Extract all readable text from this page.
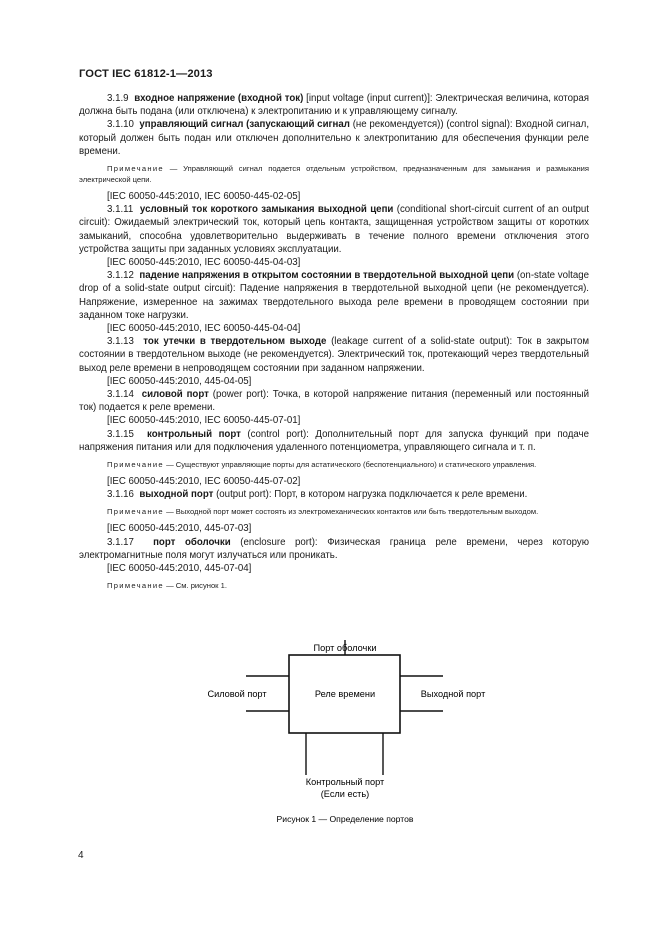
ГОСТ IEC 61812-1—2013

3.1.9 входное напряжение (входной ток) [input voltage (input current)]: Электрическая величина, которая должна быть подана (или отключена) к электропитанию и к управляющему сигналу.

3.1.10 управляющий сигнал (запускающий сигнал (не рекомендуется)) (control signal): Входной сигнал, который должен быть подан или отключен дополнительно к электропитанию для обеспечения функции реле времени.

Примечание — Управляющий сигнал подается отдельным устройством, предназначенным для замыкания и размыкания электрической цепи.

[IEC 60050-445:2010, IEC 60050-445-02-05]

3.1.11 условный ток короткого замыкания выходной цепи (conditional short-circuit current of an output circuit): Ожидаемый электрический ток, который цепь контакта, защищенная устройством защиты от коротких замыканий, способна удовлетворительно выдерживать в течение полного времени отключения этого устройства защиты при заданных условиях эксплуатации.

[IEC 60050-445:2010, IEC 60050-445-04-03]

3.1.12 падение напряжения в открытом состоянии в твердотельной выходной цепи (on-state voltage drop of a solid-state output circuit): Падение напряжения в твердотельной выходной цепи (не рекомендуется). Напряжение, измеренное на зажимах твердотельного выхода реле времени в проводящем состоянии при заданном токе нагрузки.

[IEC 60050-445:2010, IEC 60050-445-04-04]

3.1.13 ток утечки в твердотельном выходе (leakage current of a solid-state output): Ток в закрытом состоянии в твердотельном выходе (не рекомендуется). Электрический ток, протекающий через твердотельный выход реле времени в непроводящем состоянии при заданном напряжении.

[IEC 60050-445:2010, 445-04-05]

3.1.14 силовой порт (power port): Точка, в которой напряжение питания (переменный или постоянный ток) подается к реле времени.

[IEC 60050-445:2010, IEC 60050-445-07-01]

3.1.15 контрольный порт (control port): Дополнительный порт для запуска функций при подаче напряжения питания или для подключения удаленного потенциометра, управляющего сигнала и т. п.

Примечание — Существуют управляющие порты для астатического (беспотенциального) и статического управления.

[IEC 60050-445:2010, IEC 60050-445-07-02]

3.1.16 выходной порт (output port): Порт, в котором нагрузка подключается к реле времени.

Примечание — Выходной порт может состоять из электромеханических контактов или быть твердотельным выходом.

[IEC 60050-445:2010, 445-07-03]

3.1.17 порт оболочки (enclosure port): Физическая граница реле времени, через которую электромагнитные поля могут излучаться или проникать.

[IEC 60050-445:2010, 445-07-04]

Примечание — См. рисунок 1.

Порт оболочки
Силовой порт	Реле времени	Выходной порт
Контрольный порт
(Если есть)
Рисунок 1 — Определение портов
4
